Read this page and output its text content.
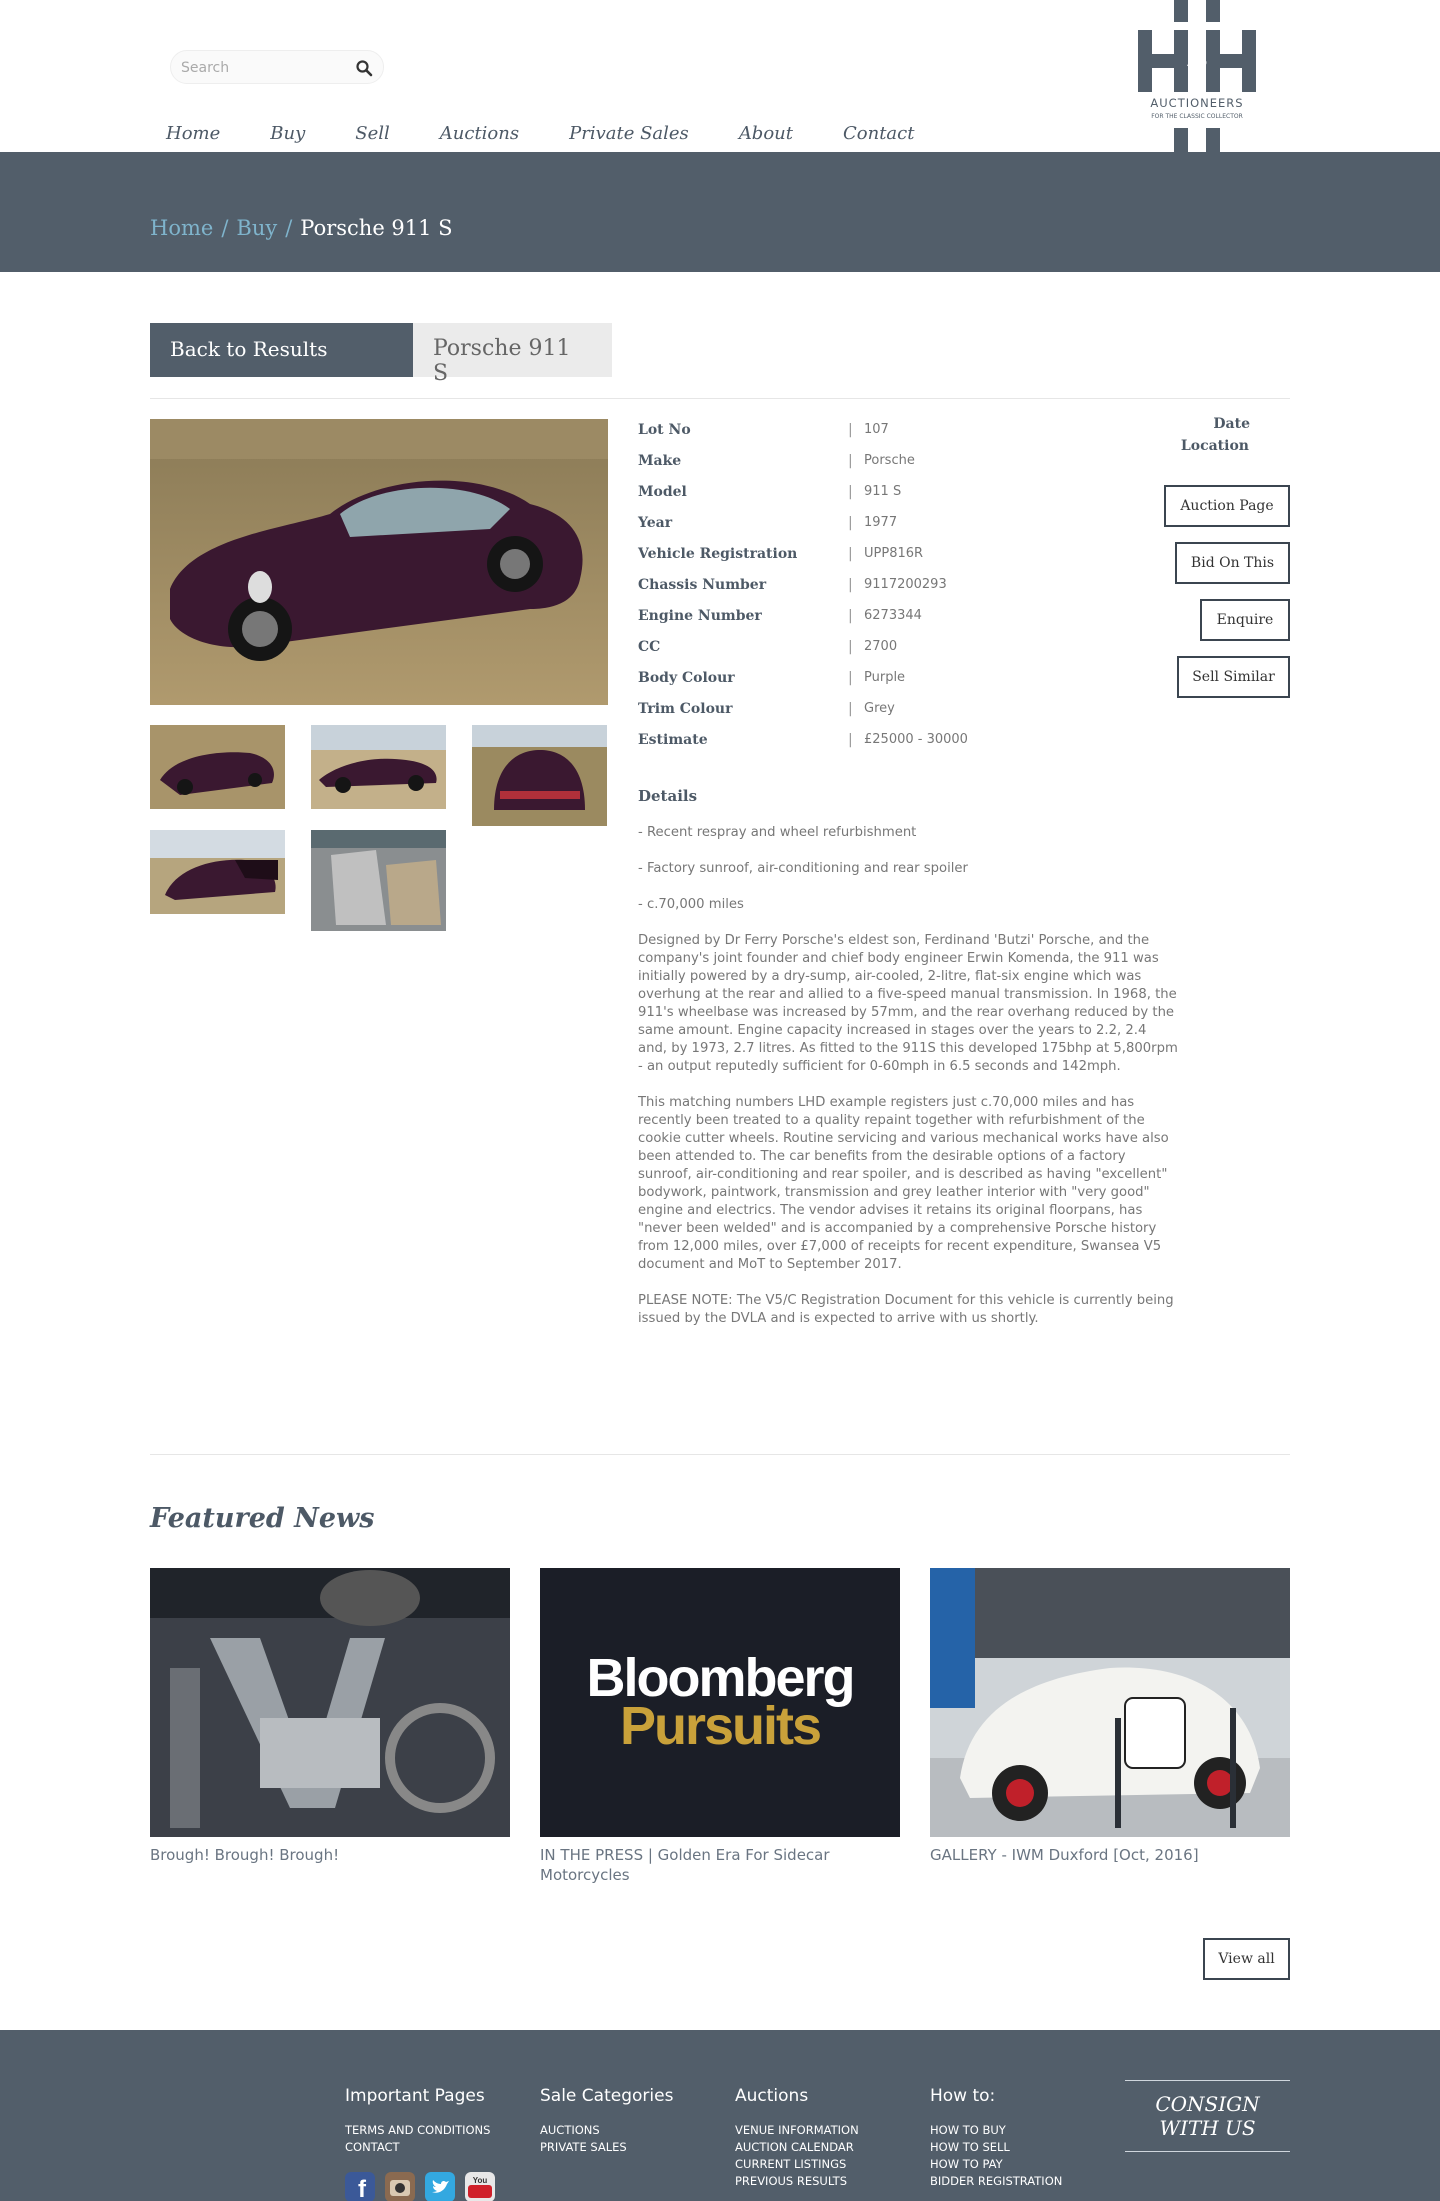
Search
Home	Buy	Sell	Auctions	Private Sales	About	Contact
AND
AUCTIONEERS
FOR THE CLASSIC COLLECTOR
Home / Buy / Porsche 911 S
Back to Results	Porsche 911 S
Lot No	| 107
Make	| Porsche
Model	| 911 S
Year	| 1977
Vehicle Registration	| UPP816R
Chassis Number	| 9117200293
Engine Number	| 6273344
CC	| 2700
Body Colour	| Purple
Trim Colour	| Grey
Estimate	| £25000 - 30000
Date
Location
Auction Page
Bid On This
Enquire
Sell Similar
Details

- Recent respray and wheel refurbishment

- Factory sunroof, air-conditioning and rear spoiler

- c.70,000 miles

Designed by Dr Ferry Porsche's eldest son, Ferdinand 'Butzi' Porsche, and the company's joint founder and chief body engineer Erwin Komenda, the 911 was initially powered by a dry-sump, air-cooled, 2-litre, flat-six engine which was overhung at the rear and allied to a five-speed manual transmission. In 1968, the 911's wheelbase was increased by 57mm, and the rear overhang reduced by the same amount. Engine capacity increased in stages over the years to 2.2, 2.4 and, by 1973, 2.7 litres. As fitted to the 911S this developed 175bhp at 5,800rpm - an output reputedly sufficient for 0-60mph in 6.5 seconds and 142mph.

This matching numbers LHD example registers just c.70,000 miles and has recently been treated to a quality repaint together with refurbishment of the cookie cutter wheels. Routine servicing and various mechanical works have also been attended to. The car benefits from the desirable options of a factory sunroof, air-conditioning and rear spoiler, and is described as having "excellent" bodywork, paintwork, transmission and grey leather interior with "very good" engine and electrics. The vendor advises it retains its original floorpans, has "never been welded" and is accompanied by a comprehensive Porsche history from 12,000 miles, over £7,000 of receipts for recent expenditure, Swansea V5 document and MoT to September 2017.

PLEASE NOTE: The V5/C Registration Document for this vehicle is currently being issued by the DVLA and is expected to arrive with us shortly.

Featured News
Brough! Brough! Brough!
Bloomberg
Pursuits
IN THE PRESS | Golden Era For Sidecar Motorcycles
GALLERY - IWM Duxford [Oct, 2016]
View all
Important Pages
TERMS AND CONDITIONS
CONTACT
Sale Categories
AUCTIONS
PRIVATE SALES
Auctions
VENUE INFORMATION
AUCTION CALENDAR
CURRENT LISTINGS
PREVIOUS RESULTS
How to:
HOW TO BUY
HOW TO SELL
HOW TO PAY
BIDDER REGISTRATION
f	You
CONSIGN
WITH US
